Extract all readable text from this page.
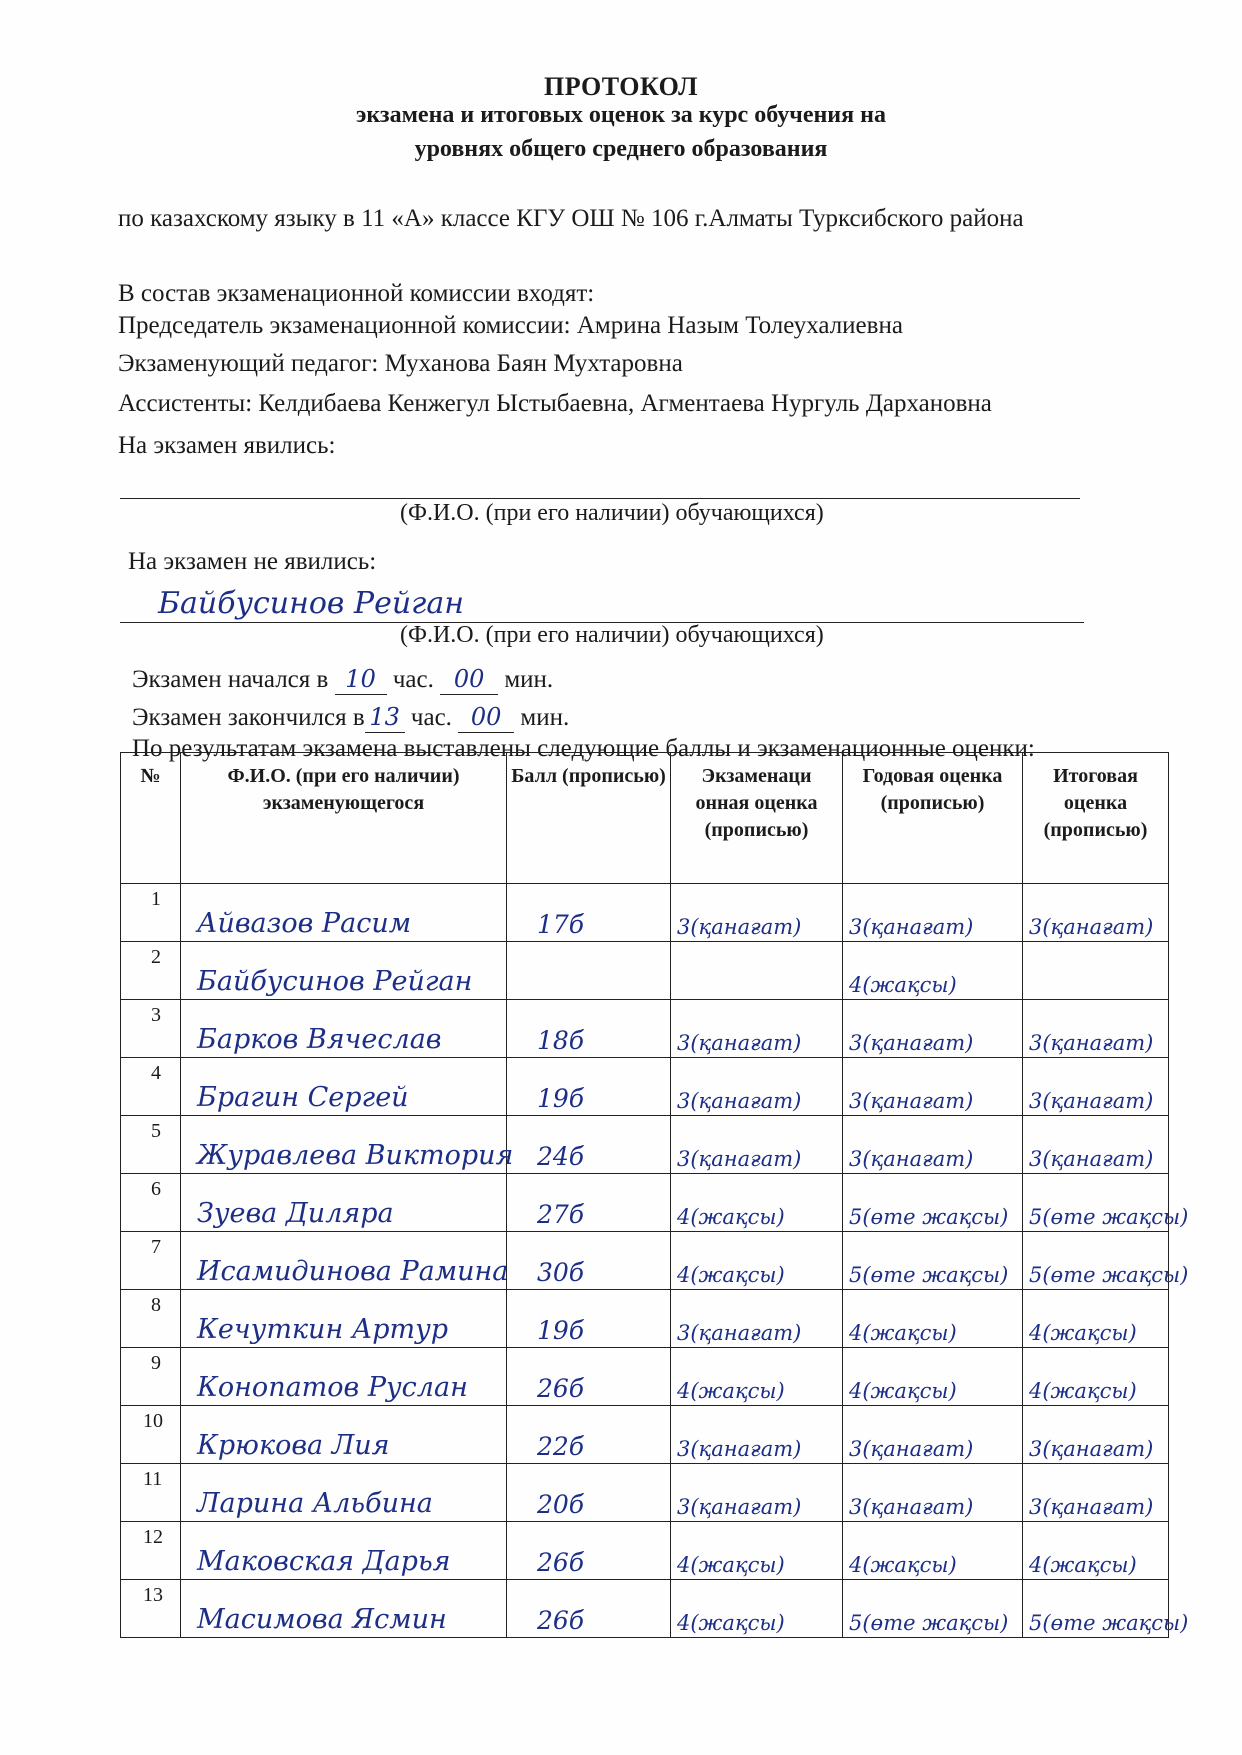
ПРОТОКОЛ
экзамена и итоговых оценок за курс обучения на
уровнях общего среднего образования
по казахскому языку в 11 «А» классе КГУ ОШ № 106 г.Алматы Турксибского района
В состав экзаменационной комиссии входят:
Председатель экзаменационной комиссии: Амрина Назым Толеухалиевна
Экзаменующий педагог: Муханова Баян Мухтаровна
Ассистенты: Келдибаева Кенжегул Ыстыбаевна, Агментаева Нургуль Дархановна
На экзамен явились:
(Ф.И.О. (при его наличии) обучающихся)
На экзамен не явились:
Байбусинов Рейган
(Ф.И.О. (при его наличии) обучающихся)
Экзамен начался в 10 час. 00 мин.
Экзамен закончился в 13 час. 00 мин.
По результатам экзамена выставлены следующие баллы и экзаменационные оценки:
№	Ф.И.О. (при его наличии) экзаменующегося	Балл (прописью)	Экзаменаци онная оценка (прописью)	Годовая оценка (прописью)	Итоговая оценка (прописью)

1	Айвазов Расим	17б	3(қанағат)	3(қанағат)	3(қанағат)

2	Байбусинов Рейган			4(жақсы)	

3	Барков Вячеслав	18б	3(қанағат)	3(қанағат)	3(қанағат)

4	Брагин Сергей	19б	3(қанағат)	3(қанағат)	3(қанағат)

5	Журавлева Виктория	24б	3(қанағат)	3(қанағат)	3(қанағат)

6	Зуева Диляра	27б	4(жақсы)	5(өте жақсы)	5(өте жақсы)

7	Исамидинова Рамина	30б	4(жақсы)	5(өте жақсы)	5(өте жақсы)

8	Кечуткин Артур	19б	3(қанағат)	4(жақсы)	4(жақсы)

9	Конопатов Руслан	26б	4(жақсы)	4(жақсы)	4(жақсы)

10	Крюкова Лия	22б	3(қанағат)	3(қанағат)	3(қанағат)

11	Ларина Альбина	20б	3(қанағат)	3(қанағат)	3(қанағат)

12	Маковская Дарья	26б	4(жақсы)	4(жақсы)	4(жақсы)

13	Масимова Ясмин	26б	4(жақсы)	5(өте жақсы)	5(өте жақсы)
